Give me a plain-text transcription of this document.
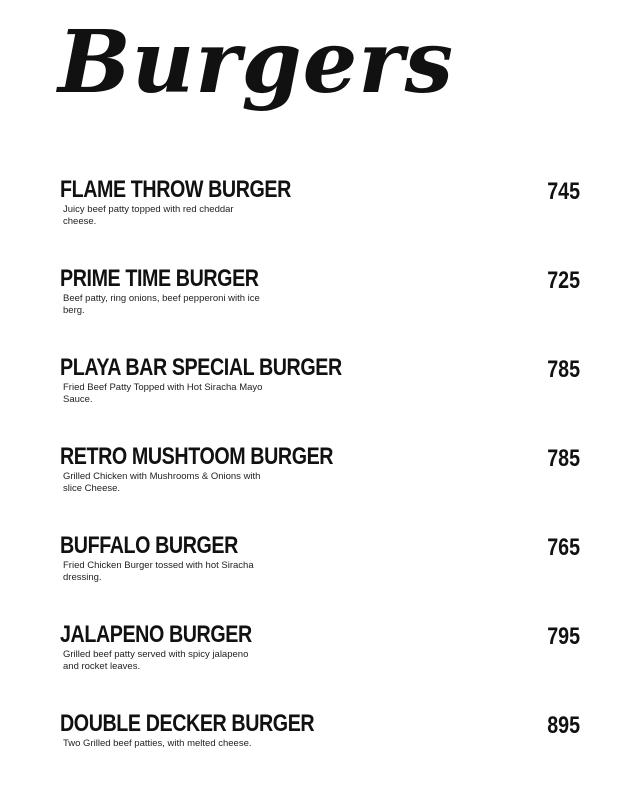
Burgers
FLAME THROW BURGER
Juicy beef patty topped with red cheddar cheese.
745
PRIME TIME BURGER
Beef patty, ring onions, beef pepperoni with ice berg.
725
PLAYA BAR SPECIAL BURGER
Fried Beef Patty Topped with Hot Siracha Mayo Sauce.
785
RETRO MUSHTOOM BURGER
Grilled Chicken with Mushrooms & Onions with slice Cheese.
785
BUFFALO BURGER
Fried Chicken Burger tossed with hot Siracha dressing.
765
JALAPENO BURGER
Grilled beef patty served with spicy jalapeno and rocket leaves.
795
DOUBLE DECKER BURGER
Two Grilled beef patties, with melted cheese.
895
